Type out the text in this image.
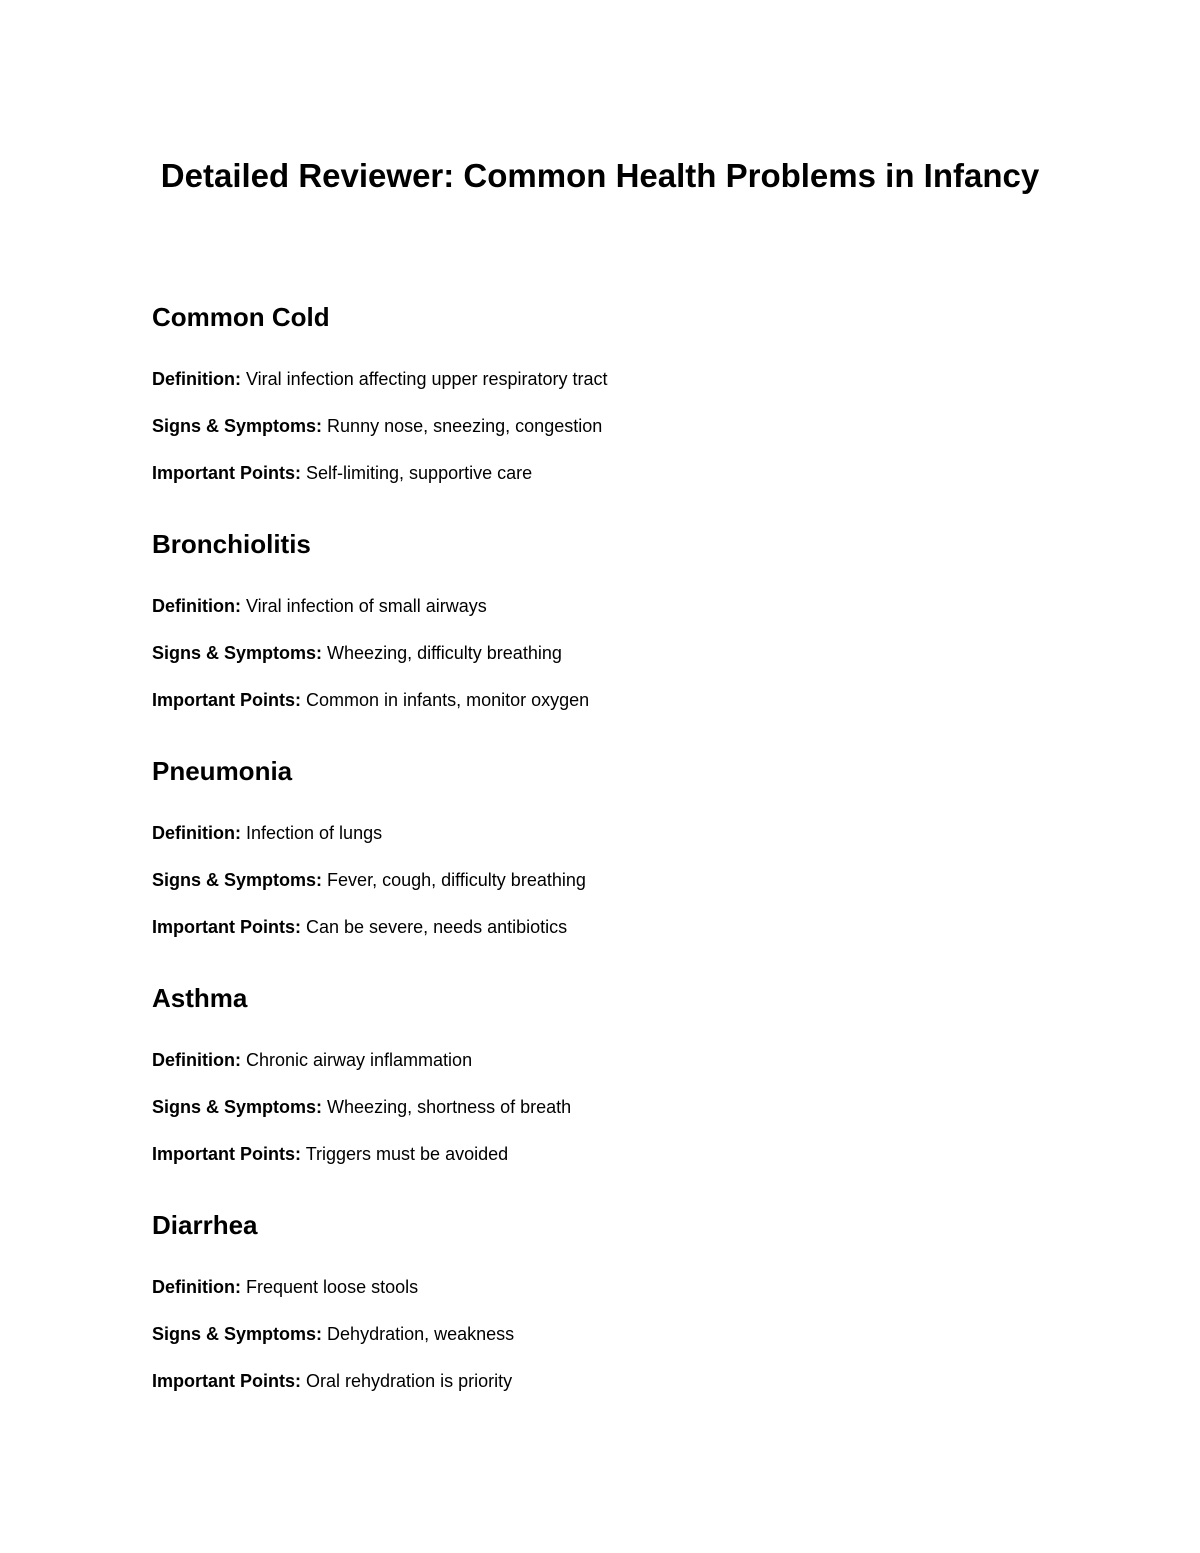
Detailed Reviewer: Common Health Problems in Infancy
Common Cold

Definition: Viral infection affecting upper respiratory tract

Signs & Symptoms: Runny nose, sneezing, congestion

Important Points: Self-limiting, supportive care

Bronchiolitis

Definition: Viral infection of small airways

Signs & Symptoms: Wheezing, difficulty breathing

Important Points: Common in infants, monitor oxygen

Pneumonia

Definition: Infection of lungs

Signs & Symptoms: Fever, cough, difficulty breathing

Important Points: Can be severe, needs antibiotics

Asthma

Definition: Chronic airway inflammation

Signs & Symptoms: Wheezing, shortness of breath

Important Points: Triggers must be avoided

Diarrhea

Definition: Frequent loose stools

Signs & Symptoms: Dehydration, weakness

Important Points: Oral rehydration is priority
